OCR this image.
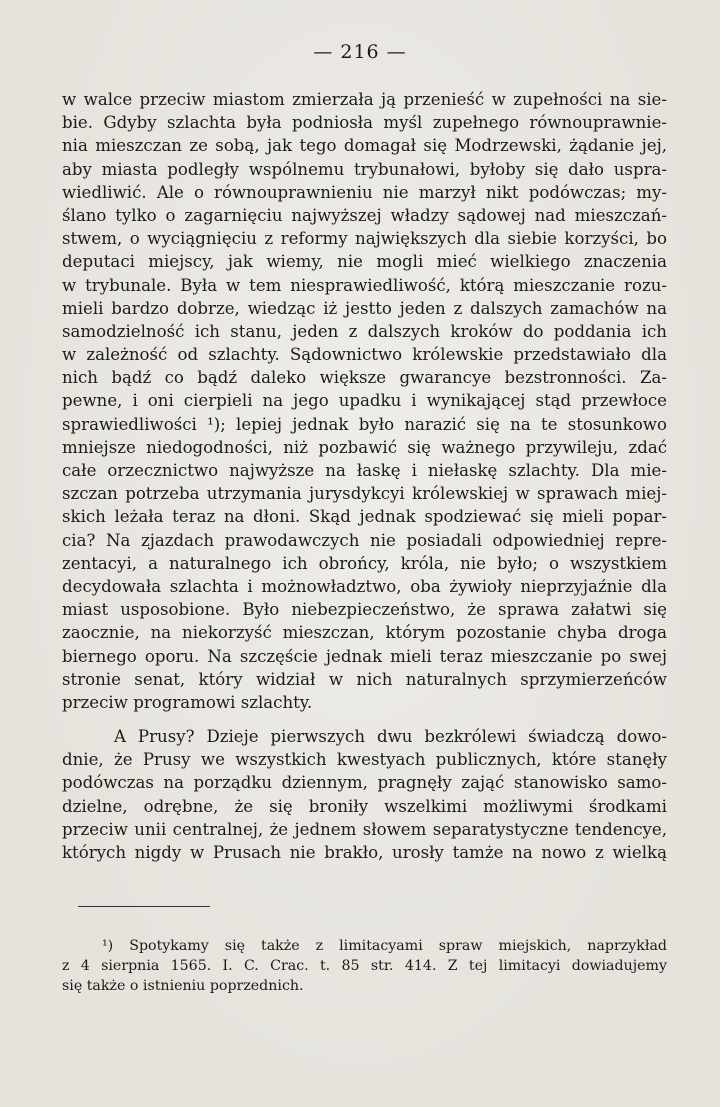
— 216 —
w walce przeciw miastom zmierzała ją przenieść w zupełności na sie-
bie. Gdyby szlachta była podniosła myśl zupełnego równouprawnie-
nia mieszczan ze sobą, jak tego domagał się Modrzewski, żądanie jej,
aby miasta podległy wspólnemu trybunałowi, byłoby się dało uspra-
wiedliwić. Ale o równouprawnieniu nie marzył nikt podówczas; my-
ślano tylko o zagarnięciu najwyższej władzy sądowej nad mieszczań-
stwem, o wyciągnięciu z reformy największych dla siebie korzyści, bo
deputaci miejscy, jak wiemy, nie mogli mieć wielkiego znaczenia
w trybunale. Była w tem niesprawiedliwość, którą mieszczanie rozu-
mieli bardzo dobrze, wiedząc iż jestto jeden z dalszych zamachów na
samodzielność ich stanu, jeden z dalszych kroków do poddania ich
w zależność od szlachty. Sądownictwo królewskie przedstawiało dla
nich bądź co bądź daleko większe gwarancye bezstronności. Za-
pewne, i oni cierpieli na jego upadku i wynikającej stąd przewłoce
sprawiedliwości ¹); lepiej jednak było narazić się na te stosunkowo
mniejsze niedogodności, niż pozbawić się ważnego przywileju, zdać
całe orzecznictwo najwyższe na łaskę i niełaskę szlachty. Dla mie-
szczan potrzeba utrzymania jurysdykcyi królewskiej w sprawach miej-
skich leżała teraz na dłoni. Skąd jednak spodziewać się mieli popar-
cia? Na zjazdach prawodawczych nie posiadali odpowiedniej repre-
zentacyi, a naturalnego ich obrońcy, króla, nie było; o wszystkiem
decydowała szlachta i możnowładztwo, oba żywioły nieprzyjaźnie dla
miast usposobione. Było niebezpieczeństwo, że sprawa załatwi się
zaocznie, na niekorzyść mieszczan, którym pozostanie chyba droga
biernego oporu. Na szczęście jednak mieli teraz mieszczanie po swej
stronie senat, który widział w nich naturalnych sprzymierzeńców
przeciw programowi szlachty.
A Prusy? Dzieje pierwszych dwu bezkrólewi świadczą dowo-
dnie, że Prusy we wszystkich kwestyach publicznych, które stanęły
podówczas na porządku dziennym, pragnęły zająć stanowisko samo-
dzielne, odrębne, że się broniły wszelkimi możliwymi środkami
przeciw unii centralnej, że jednem słowem separatystyczne tendencye,
których nigdy w Prusach nie brakło, urosły tamże na nowo z wielką
¹) Spotykamy się także z limitacyami spraw miejskich, naprzykład
z 4 sierpnia 1565. I. C. Crac. t. 85 str. 414. Z tej limitacyi dowiadujemy
się także o istnieniu poprzednich.
